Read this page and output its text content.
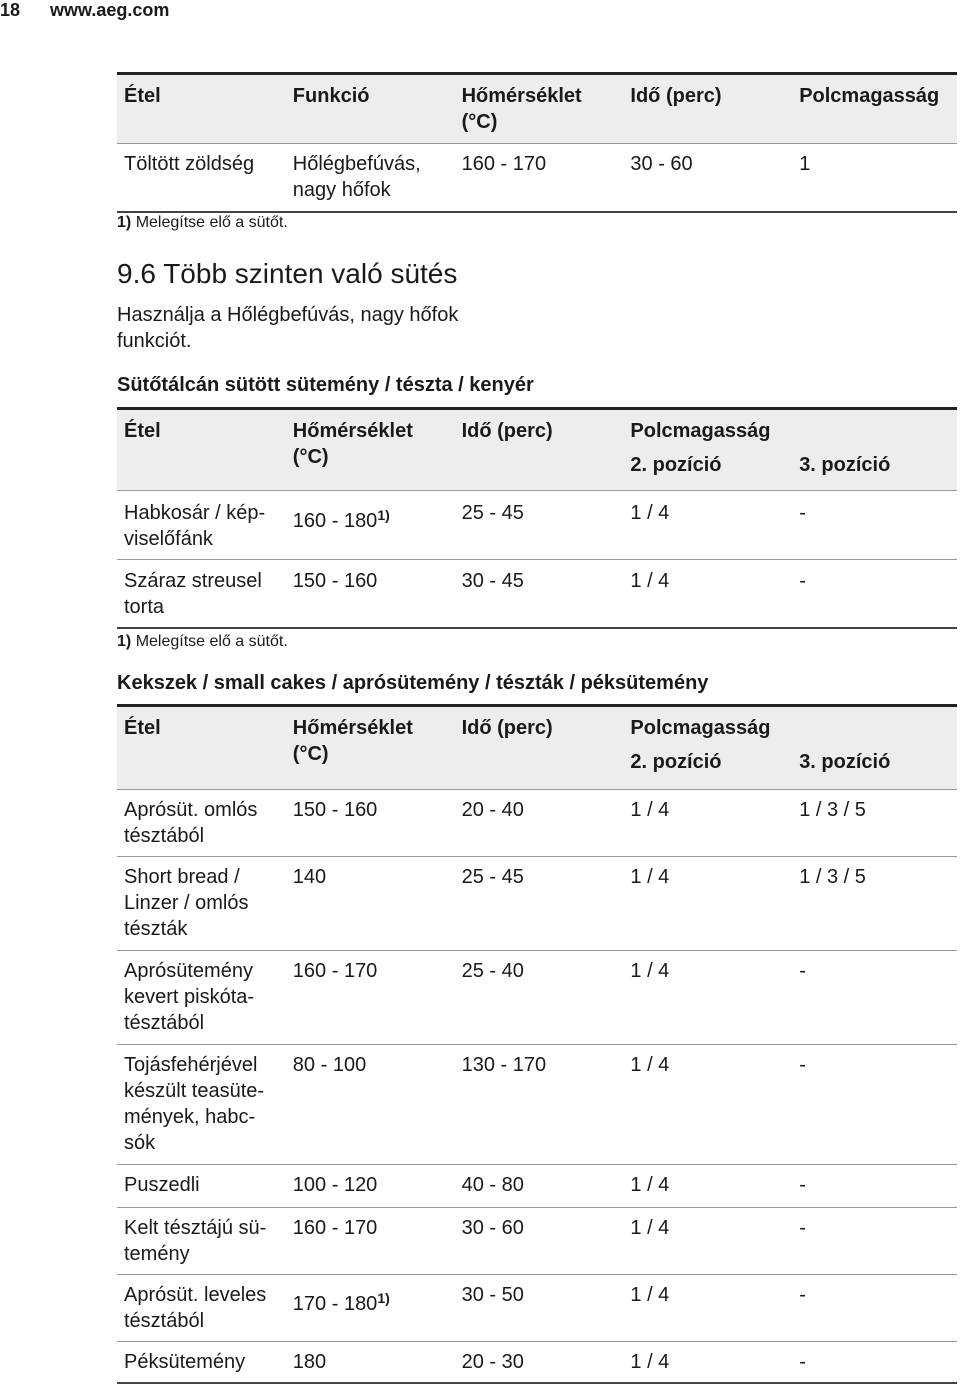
18 www.aeg.com
Étel	Funkció	Hőmérséklet (°C)	Idő (perc)	Polcmagasság
Töltött zöldség	Hőlégbefúvás, nagy hőfok	160 - 170	30 - 60	1
1) Melegítse elő a sütőt.
9.6 Több szinten való sütés
Használja a Hőlégbefúvás, nagy hőfok funkciót.
Sütőtálcán sütött sütemény / tészta / kenyér
Étel	Hőmérséklet (°C)	Idő (perc)	Polcmagasság	
			2. pozíció	3. pozíció
Habkosár / képviselőfánk	160 - 180$^{1)}$	25 - 45	1 / 4	-
Száraz streusel torta	150 - 160	30 - 45	1 / 4	-
1) Melegítse elő a sütőt.
Kekszek / small cakes / aprósütemény / tészták / péksütemény
Étel	Hőmérséklet (°C)	Idő (perc)	Polcmagasság	
			2. pozíció	3. pozíció
Aprósüt. omlós tésztából	150 - 160	20 - 40	1 / 4	1 / 3 / 5
Short bread / Linzer / omlós tészták	140	25 - 45	1 / 4	1 / 3 / 5
Aprósütemény kevert piskótatésztából	160 - 170	25 - 40	1 / 4	-
Tojásfehérjével készült teasütemények, habcsók	80 - 100	130 - 170	1 / 4	-
Puszedli	100 - 120	40 - 80	1 / 4	-
Kelt tésztájú sütemény	160 - 170	30 - 60	1 / 4	-
Aprósüt. leveles tésztából	170 - 180$^{1)}$	30 - 50	1 / 4	-
Péksütemény	180	20 - 30	1 / 4	-
